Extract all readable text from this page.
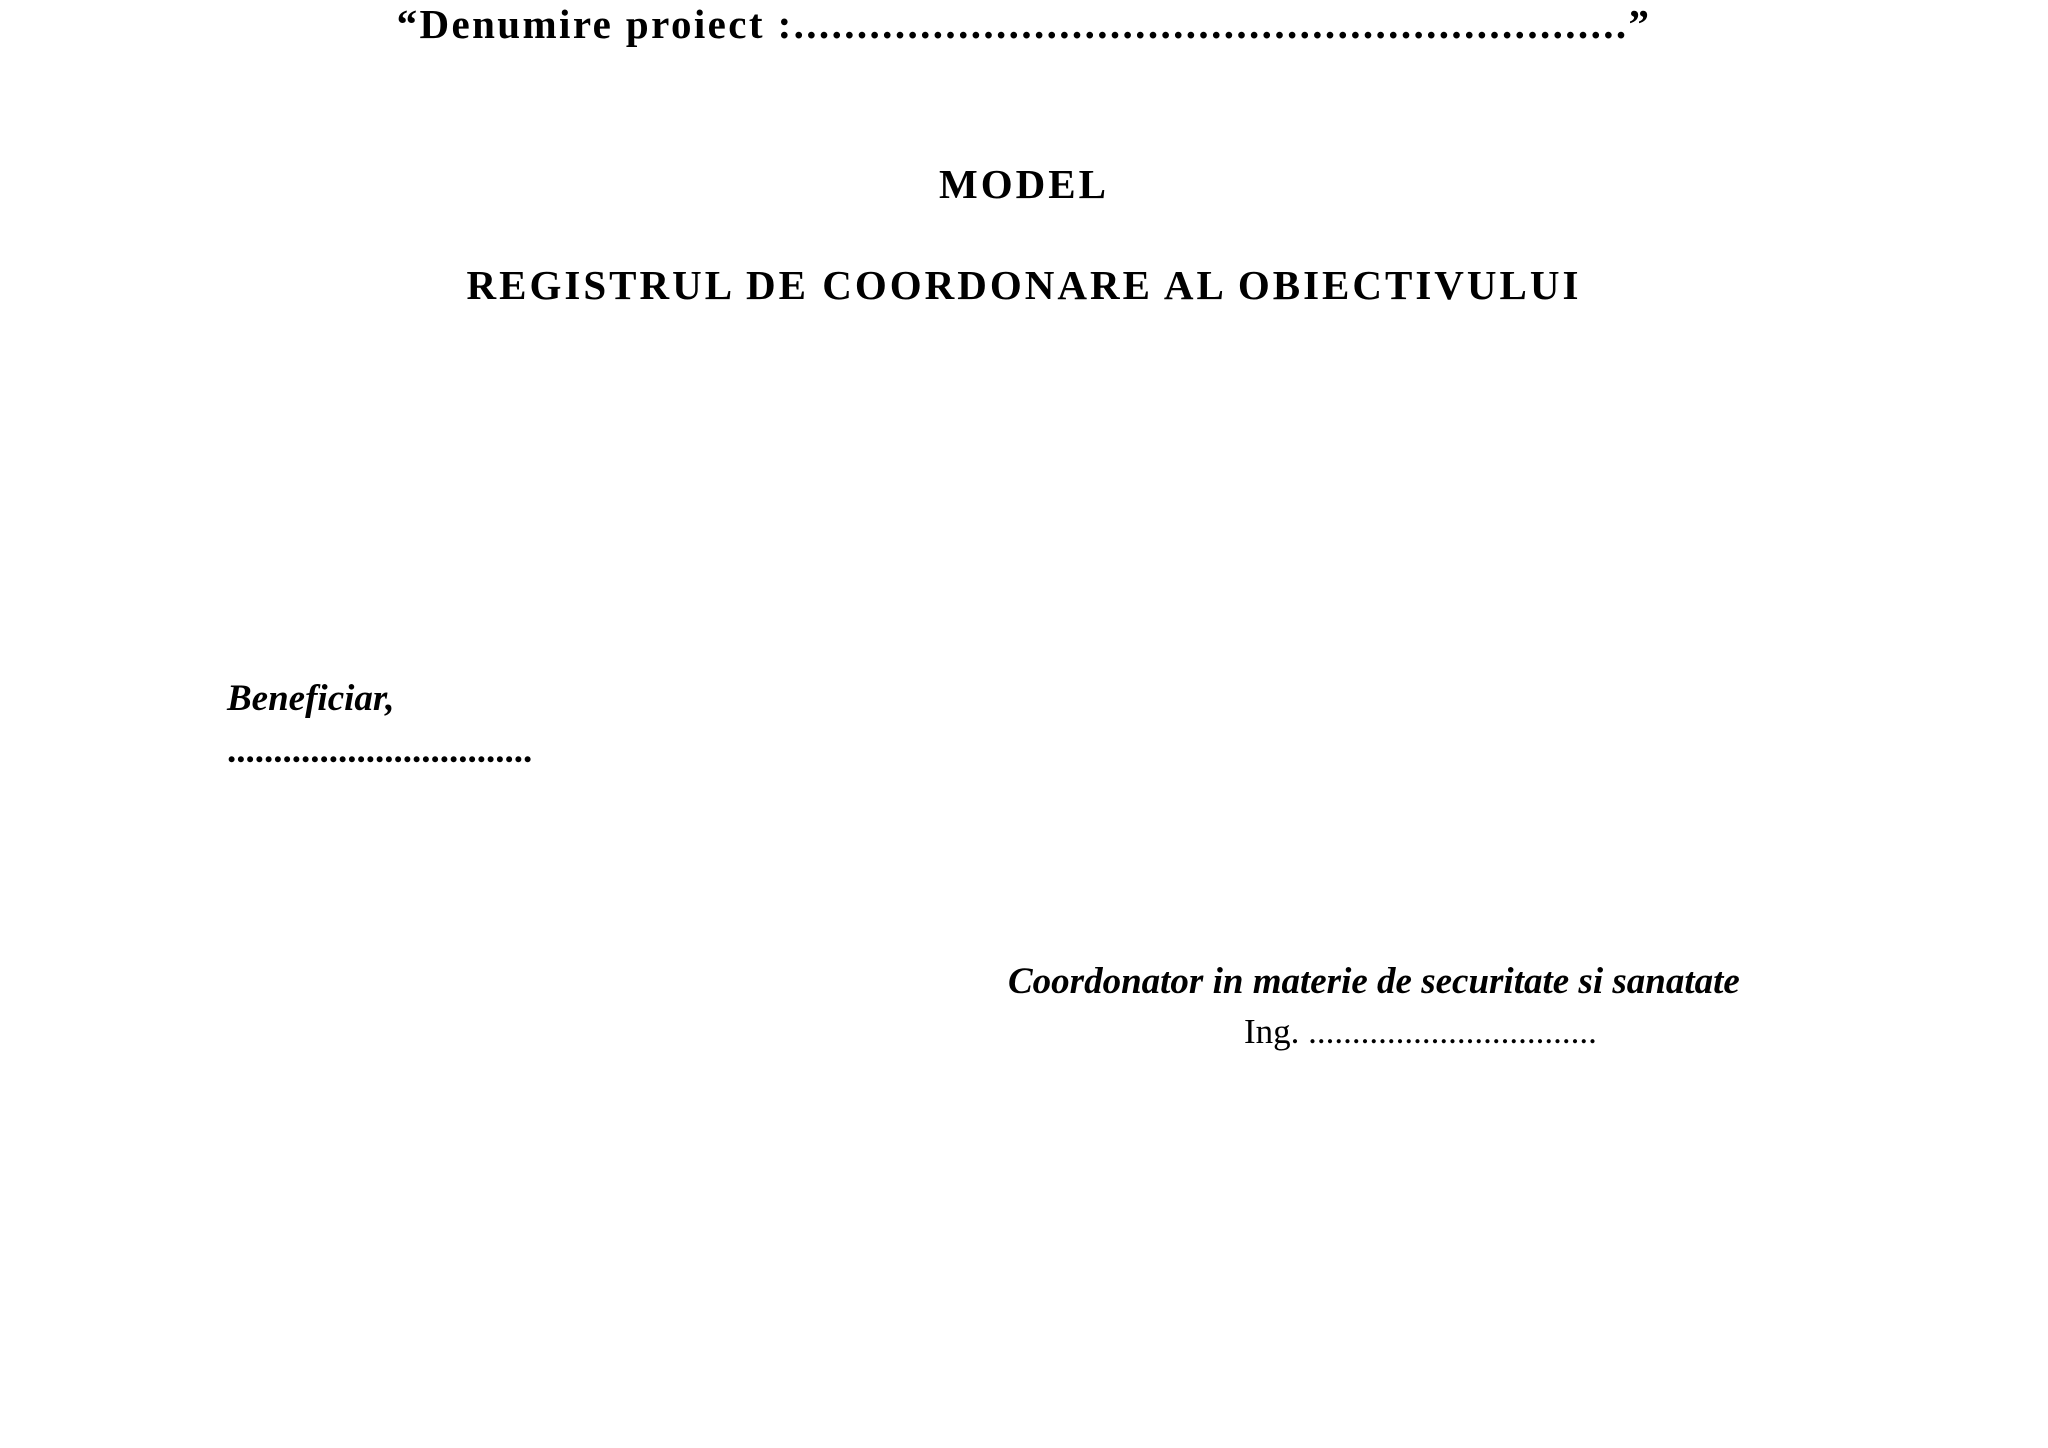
MODEL
REGISTRUL DE COORDONARE AL OBIECTIVULUI
“Denumire proiect :..................................................................”
Beneficiar,
.................................
Coordonator in materie de securitate si sanatate
Ing. .................................
